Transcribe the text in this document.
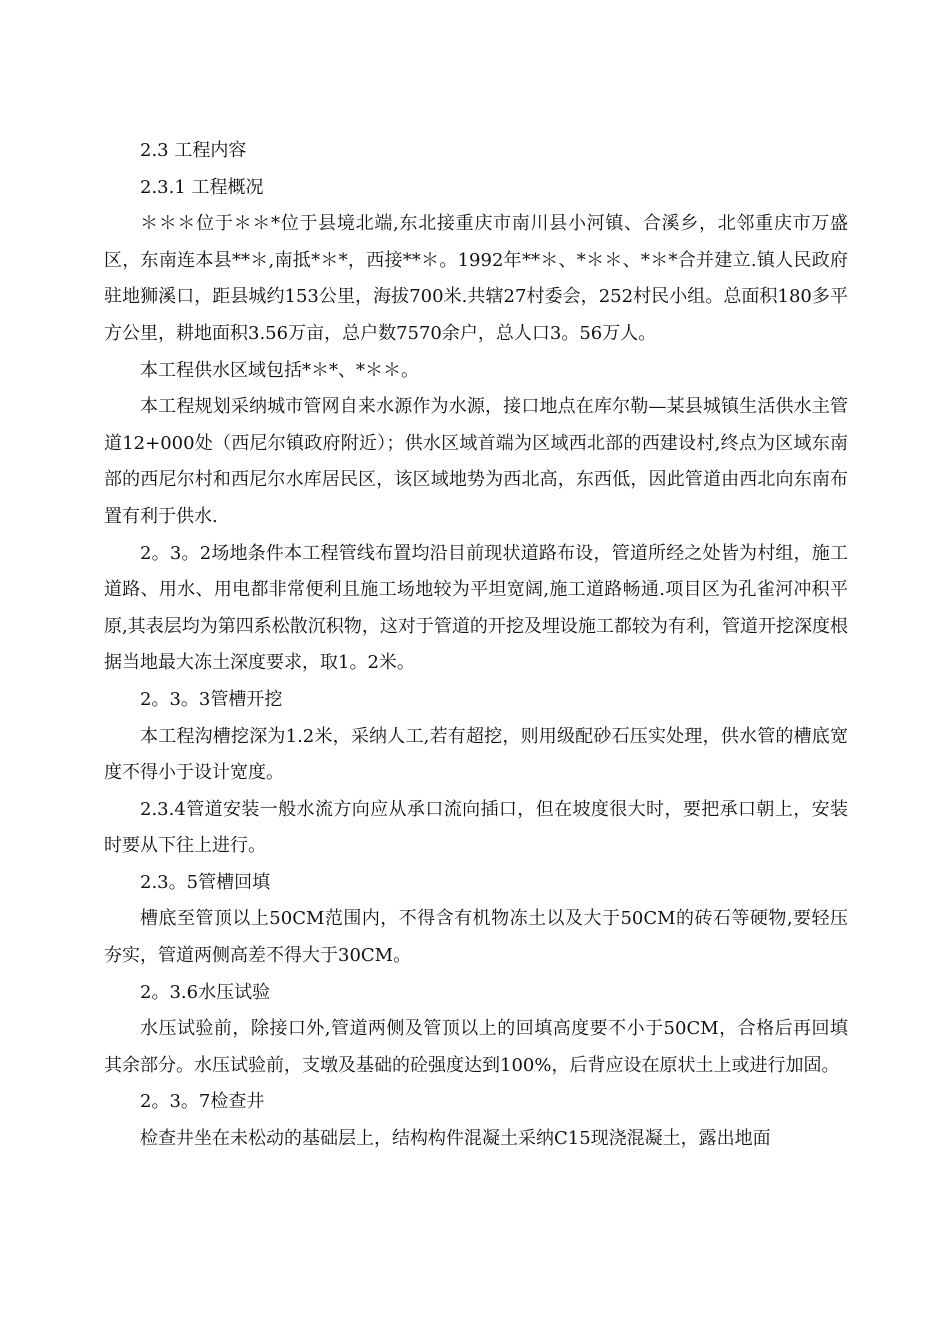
2.3 工程内容

2.3.1 工程概况

＊＊＊位于＊＊*位于县境北端,东北接重庆市南川县小河镇、合溪乡，北邻重庆市万盛区，东南连本县**＊,南抵*＊*，西接**＊。1992年**＊、*＊＊、*＊*合并建立.镇人民政府驻地狮溪口，距县城约153公里，海拔700米.共辖27村委会，252村民小组。总面积180多平方公里，耕地面积3.56万亩，总户数7570余户，总人口3。56万人。

本工程供水区域包括*＊*、*＊＊。

本工程规划采纳城市管网自来水源作为水源，接口地点在库尔勒—某县城镇生活供水主管道12+000处（西尼尔镇政府附近）；供水区域首端为区域西北部的西建设村,终点为区域东南部的西尼尔村和西尼尔水库居民区，该区域地势为西北高，东西低，因此管道由西北向东南布置有利于供水.

2。3。2场地条件本工程管线布置均沿目前现状道路布设，管道所经之处皆为村组，施工道路、用水、用电都非常便利且施工场地较为平坦宽阔,施工道路畅通.项目区为孔雀河冲积平原,其表层均为第四系松散沉积物，这对于管道的开挖及埋设施工都较为有利，管道开挖深度根据当地最大冻土深度要求，取1。2米。

2。3。3管槽开挖

本工程沟槽挖深为1.2米，采纳人工,若有超挖，则用级配砂石压实处理，供水管的槽底宽度不得小于设计宽度。

2.3.4管道安装一般水流方向应从承口流向插口，但在坡度很大时，要把承口朝上，安装时要从下往上进行。

2.3。5管槽回填

槽底至管顶以上50CM范围内，不得含有机物冻土以及大于50CM的砖石等硬物,要轻压夯实，管道两侧高差不得大于30CM。

2。3.6水压试验

水压试验前，除接口外,管道两侧及管顶以上的回填高度要不小于50CM，合格后再回填其余部分。水压试验前，支墩及基础的砼强度达到100%，后背应设在原状土上或进行加固。

2。3。7检查井

检查井坐在未松动的基础层上，结构构件混凝土采纳C15现浇混凝土，露出地面
